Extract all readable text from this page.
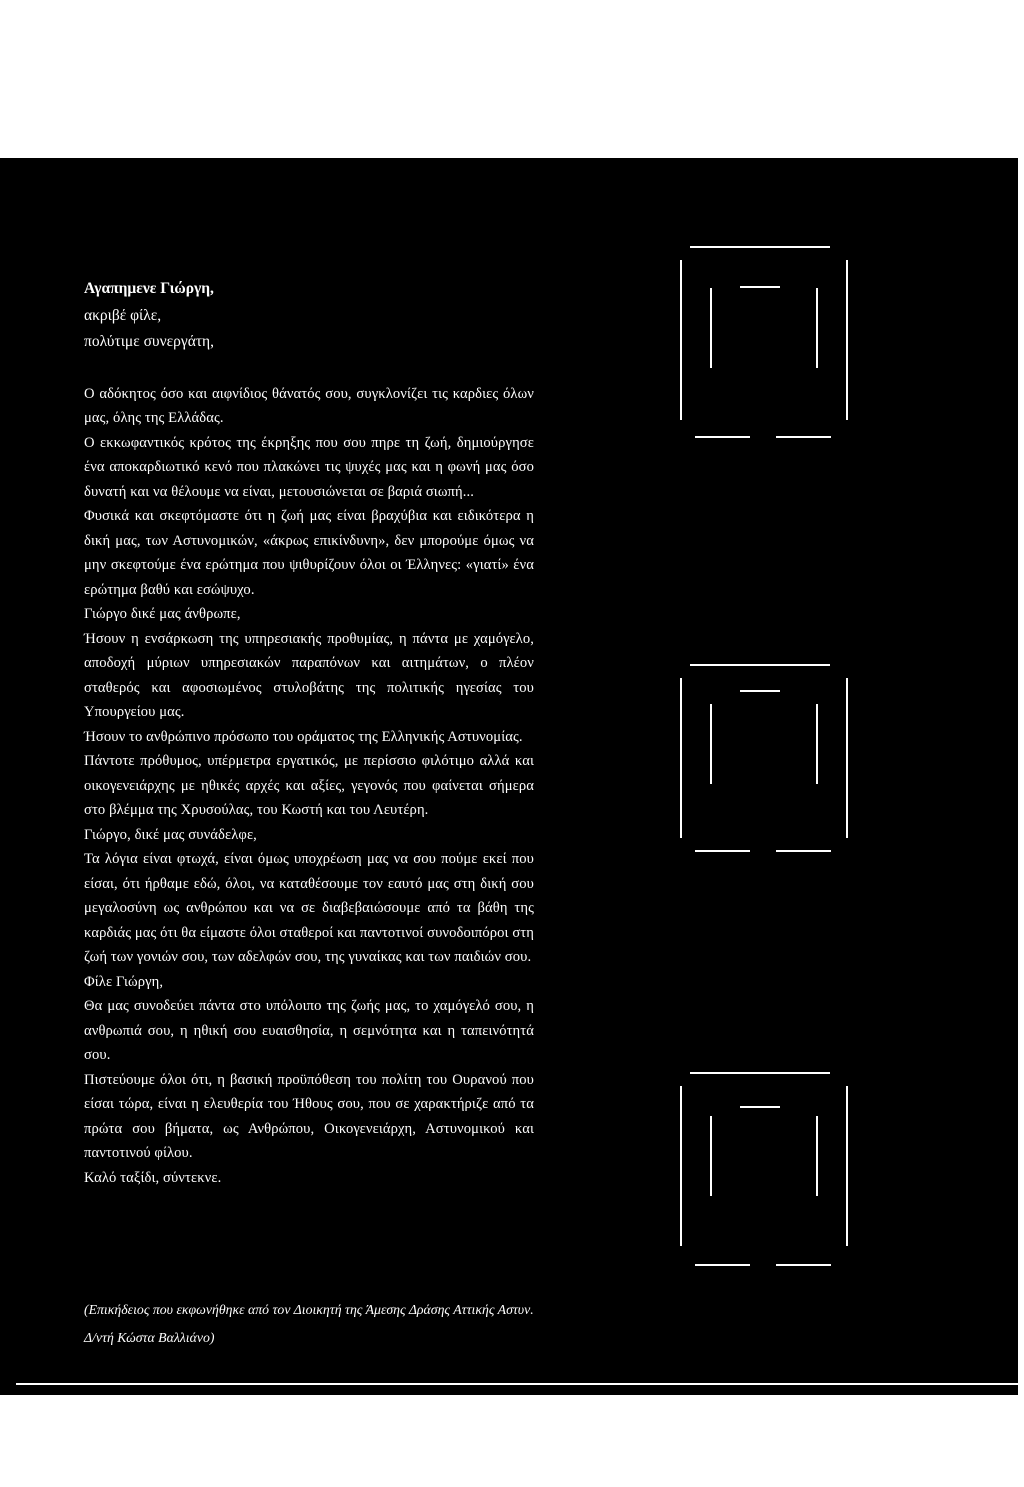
Αγαπημενε Γιώργη,

ακριβέ φίλε,

πολύτιμε συνεργάτη,

Ο αδόκητος όσο και αιφνίδιος θάνατός σου, συγκλονίζει τις καρδιες όλων μας, όλης της Ελλάδας.

Ο εκκωφαντικός κρότος της έκρηξης που σου πηρε τη ζωή, δημιούργησε ένα αποκαρδιωτικό κενό που πλακώνει τις ψυχές μας και η φωνή μας όσο δυνατή και να θέλουμε να είναι, μετουσιώνεται σε βαριά σιωπή...

Φυσικά και σκεφτόμαστε ότι η ζωή μας είναι βραχύβια και ειδικότερα η δική μας, των Αστυνομικών, «άκρως επικίνδυνη», δεν μπορούμε όμως να μην σκεφτούμε ένα ερώτημα που ψιθυρίζουν όλοι οι Έλληνες: «γιατί» ένα ερώτημα βαθύ και εσώψυχο.

Γιώργο δικέ μας άνθρωπε,

Ήσουν η ενσάρκωση της υπηρεσιακής προθυμίας, η πάντα με χαμόγελο, αποδοχή μύριων υπηρεσιακών παραπόνων και αιτημάτων, ο πλέον σταθερός και αφοσιωμένος στυλοβάτης της πολιτικής ηγεσίας του Υπουργείου μας.

Ήσουν το ανθρώπινο πρόσωπο του οράματος της Ελληνικής Αστυνομίας.

Πάντοτε πρόθυμος, υπέρμετρα εργατικός, με περίσσιο φιλότιμο αλλά και οικογενειάρχης με ηθικές αρχές και αξίες, γεγονός που φαίνεται σήμερα στο βλέμμα της Χρυσούλας, του Κωστή και του Λευτέρη.

Γιώργο, δικέ μας συνάδελφε,

Τα λόγια είναι φτωχά, είναι όμως υποχρέωση μας να σου πούμε εκεί που είσαι, ότι ήρθαμε εδώ, όλοι, να καταθέσουμε τον εαυτό μας στη δική σου μεγαλοσύνη ως ανθρώπου και να σε διαβεβαιώσουμε από τα βάθη της καρδιάς μας ότι θα είμαστε όλοι σταθεροί και παντοτινοί συνοδοιπόροι στη ζωή των γονιών σου, των αδελφών σου, της γυναίκας και των παιδιών σου.

Φίλε Γιώργη,

Θα μας συνοδεύει πάντα στο υπόλοιπο της ζωής μας, το χαμόγελό σου, η ανθρωπιά σου, η ηθική σου ευαισθησία, η σεμνότητα και η ταπεινότητά σου.

Πιστεύουμε όλοι ότι, η βασική προϋπόθεση του πολίτη του Ουρανού που είσαι τώρα, είναι η ελευθερία του Ήθους σου, που σε χαρακτήριζε από τα πρώτα σου βήματα, ως Ανθρώπου, Οικογενειάρχη, Αστυνομικού και παντοτινού φίλου.

Καλό ταξίδι, σύντεκνε.

(Επικήδειος που εκφωνήθηκε από τον Διοικητή της Άμεσης Δράσης Αττικής Αστυν. Δ/ντή Κώστα Βαλλιάνο)
[ 7 ] Α/Α
